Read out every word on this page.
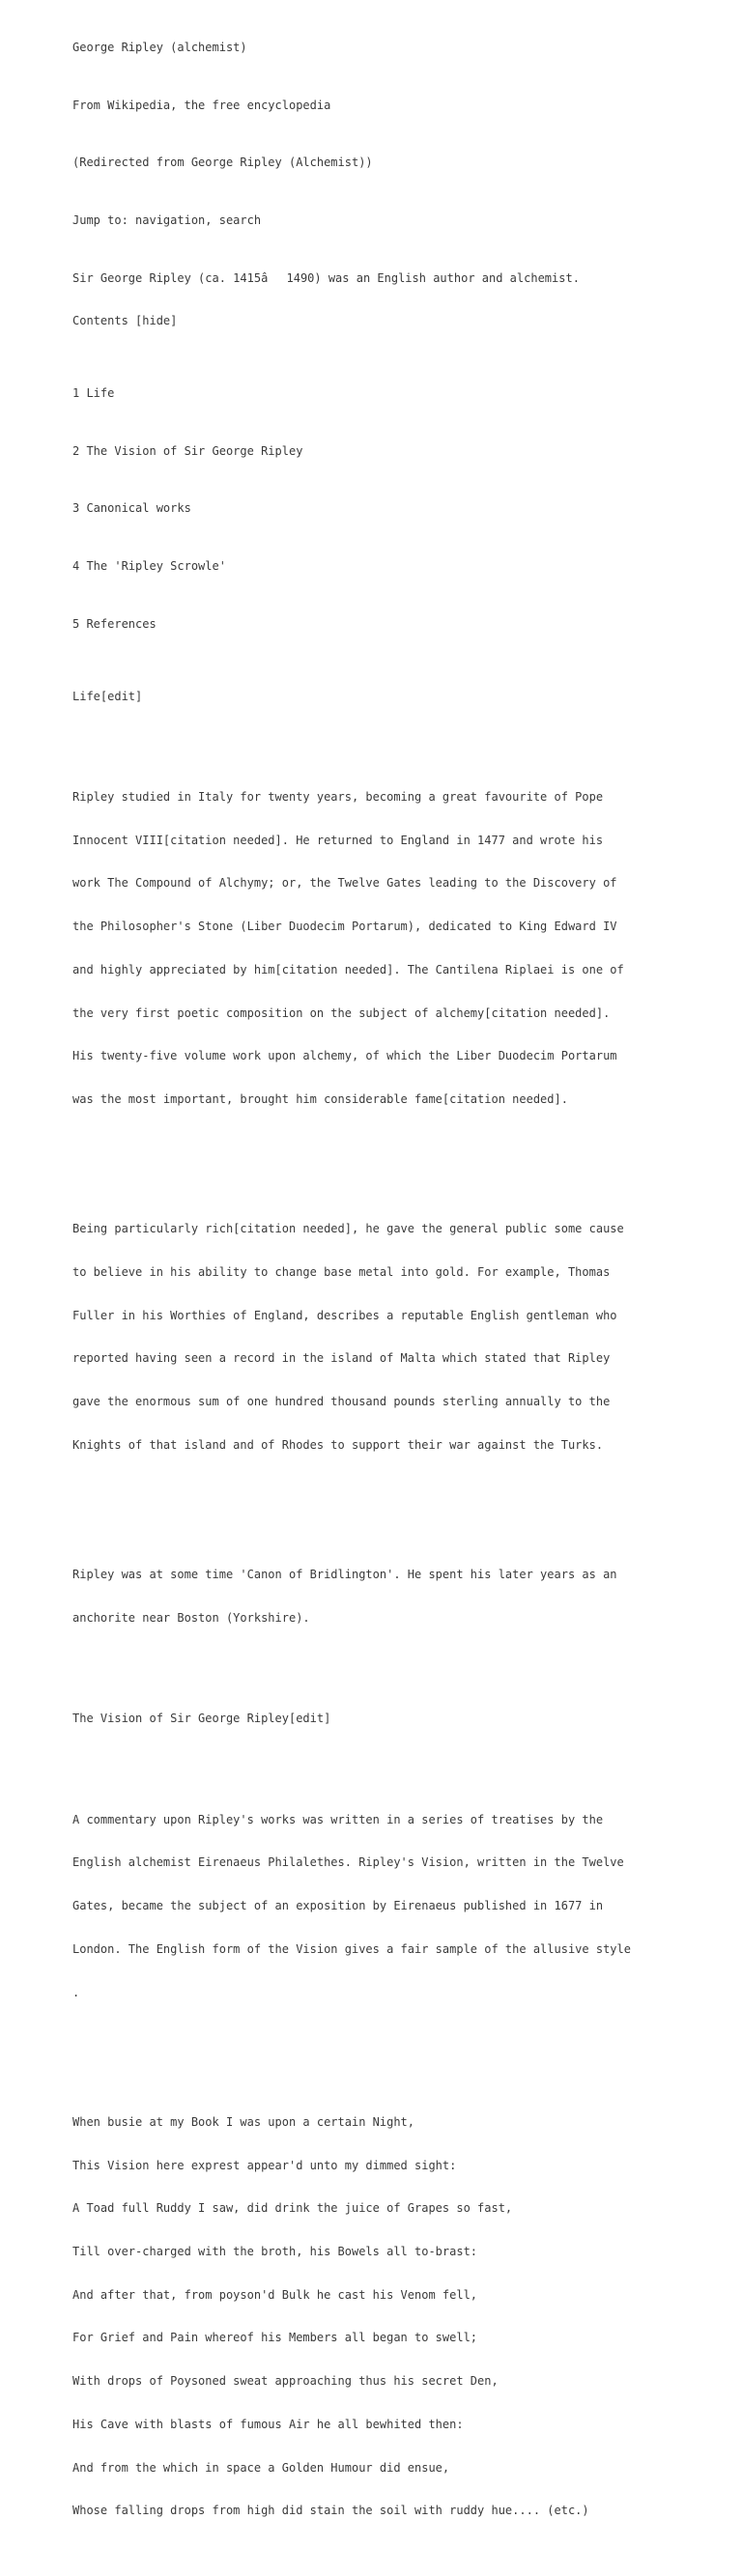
George Ripley (alchemist)

From Wikipedia, the free encyclopedia

(Redirected from George Ripley (Alchemist))

Jump to: navigation, search

Sir George Ripley (ca. 1415â1490) was an English author and alchemist.

Contents [hide]

1 Life

2 The Vision of Sir George Ripley

3 Canonical works

4 The 'Ripley Scrowle'

5 References

Life[edit]

Ripley studied in Italy for twenty years, becoming a great favourite of Pope

Innocent VIII[citation needed]. He returned to England in 1477 and wrote his

work The Compound of Alchymy; or, the Twelve Gates leading to the Discovery of

the Philosopher's Stone (Liber Duodecim Portarum), dedicated to King Edward IV

and highly appreciated by him[citation needed]. The Cantilena Riplaei is one of

the very first poetic composition on the subject of alchemy[citation needed].

His twenty-five volume work upon alchemy, of which the Liber Duodecim Portarum

was the most important, brought him considerable fame[citation needed].

Being particularly rich[citation needed], he gave the general public some cause

to believe in his ability to change base metal into gold. For example, Thomas

Fuller in his Worthies of England, describes a reputable English gentleman who

reported having seen a record in the island of Malta which stated that Ripley

gave the enormous sum of one hundred thousand pounds sterling annually to the

Knights of that island and of Rhodes to support their war against the Turks.

Ripley was at some time 'Canon of Bridlington'. He spent his later years as an

anchorite near Boston (Yorkshire).

The Vision of Sir George Ripley[edit]

A commentary upon Ripley's works was written in a series of treatises by the

English alchemist Eirenaeus Philalethes. Ripley's Vision, written in the Twelve

Gates, became the subject of an exposition by Eirenaeus published in 1677 in

London. The English form of the Vision gives a fair sample of the allusive style

.

When busie at my Book I was upon a certain Night,

This Vision here exprest appear'd unto my dimmed sight:

A Toad full Ruddy I saw, did drink the juice of Grapes so fast,

Till over-charged with the broth, his Bowels all to-brast:

And after that, from poyson'd Bulk he cast his Venom fell,

For Grief and Pain whereof his Members all began to swell;

With drops of Poysoned sweat approaching thus his secret Den,

His Cave with blasts of fumous Air he all bewhited then:

And from the which in space a Golden Humour did ensue,

Whose falling drops from high did stain the soil with ruddy hue.... (etc.)
